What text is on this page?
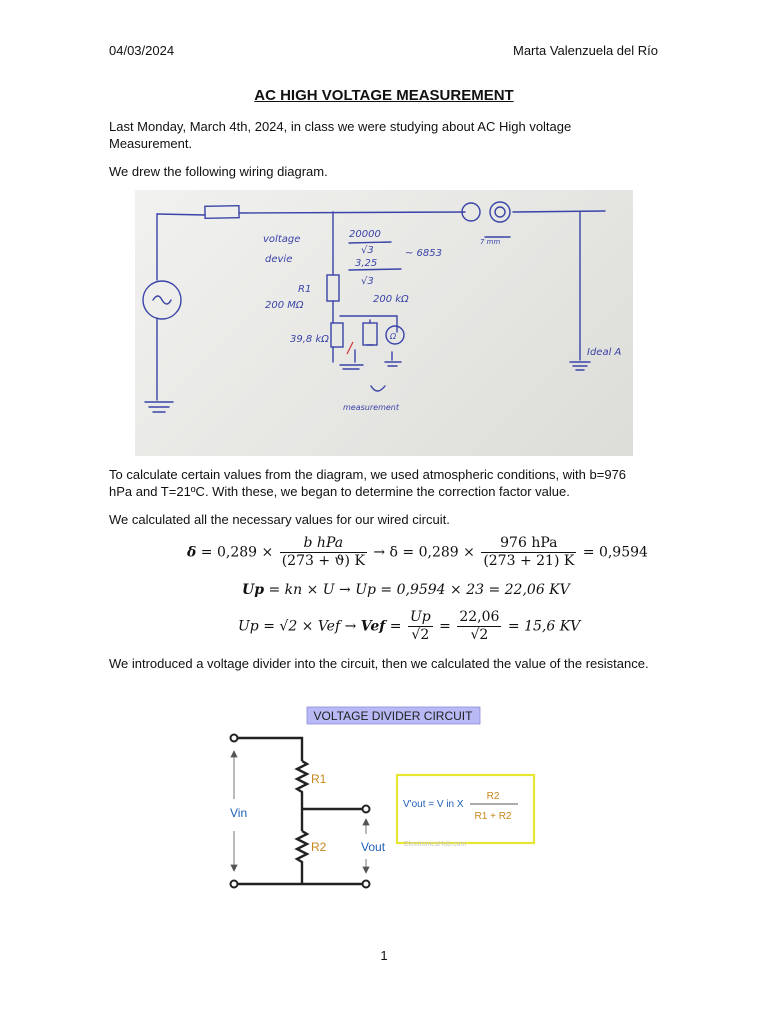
04/03/2024	Marta Valenzuela del Río
AC HIGH VOLTAGE MEASUREMENT
Last Monday, March 4th, 2024, in class we were studying about AC High voltage Measurement.
We drew the following wiring diagram.
20000
√3
3,25
√3
~ 6853
voltage
devie
R1
200 MΩ
39,8 kΩ
200 kΩ
Ω
measurement
Ideal A
7 mm
To calculate certain values from the diagram, we used atmospheric conditions, with b=976 hPa and T=21ºC. With these, we began to determine the correction factor value.
We calculated all the necessary values for our wired circuit.
$\delta = 0,289 \times \frac{\text{b hPa}}{(273 + ϑ) K} \to \delta = 0,289 \times \frac{\text{976 hPa}}{(273 + 21) K} = 0,9594$
Up = kn × U → Up = 0,9594 × 23 = 22,06 KV
Up = √2 × Vef → Vef = $\frac{Up}{√2} = \frac{22,06}{√2} = 15,6$ KV
We introduced a voltage divider into the circuit, then we calculated the value of the resistance.
VOLTAGE DIVIDER CIRCUIT
R1
R2
Vin
Vout
V'out = V in X
R2
R1 + R2
ElectronicsHub.com
1
